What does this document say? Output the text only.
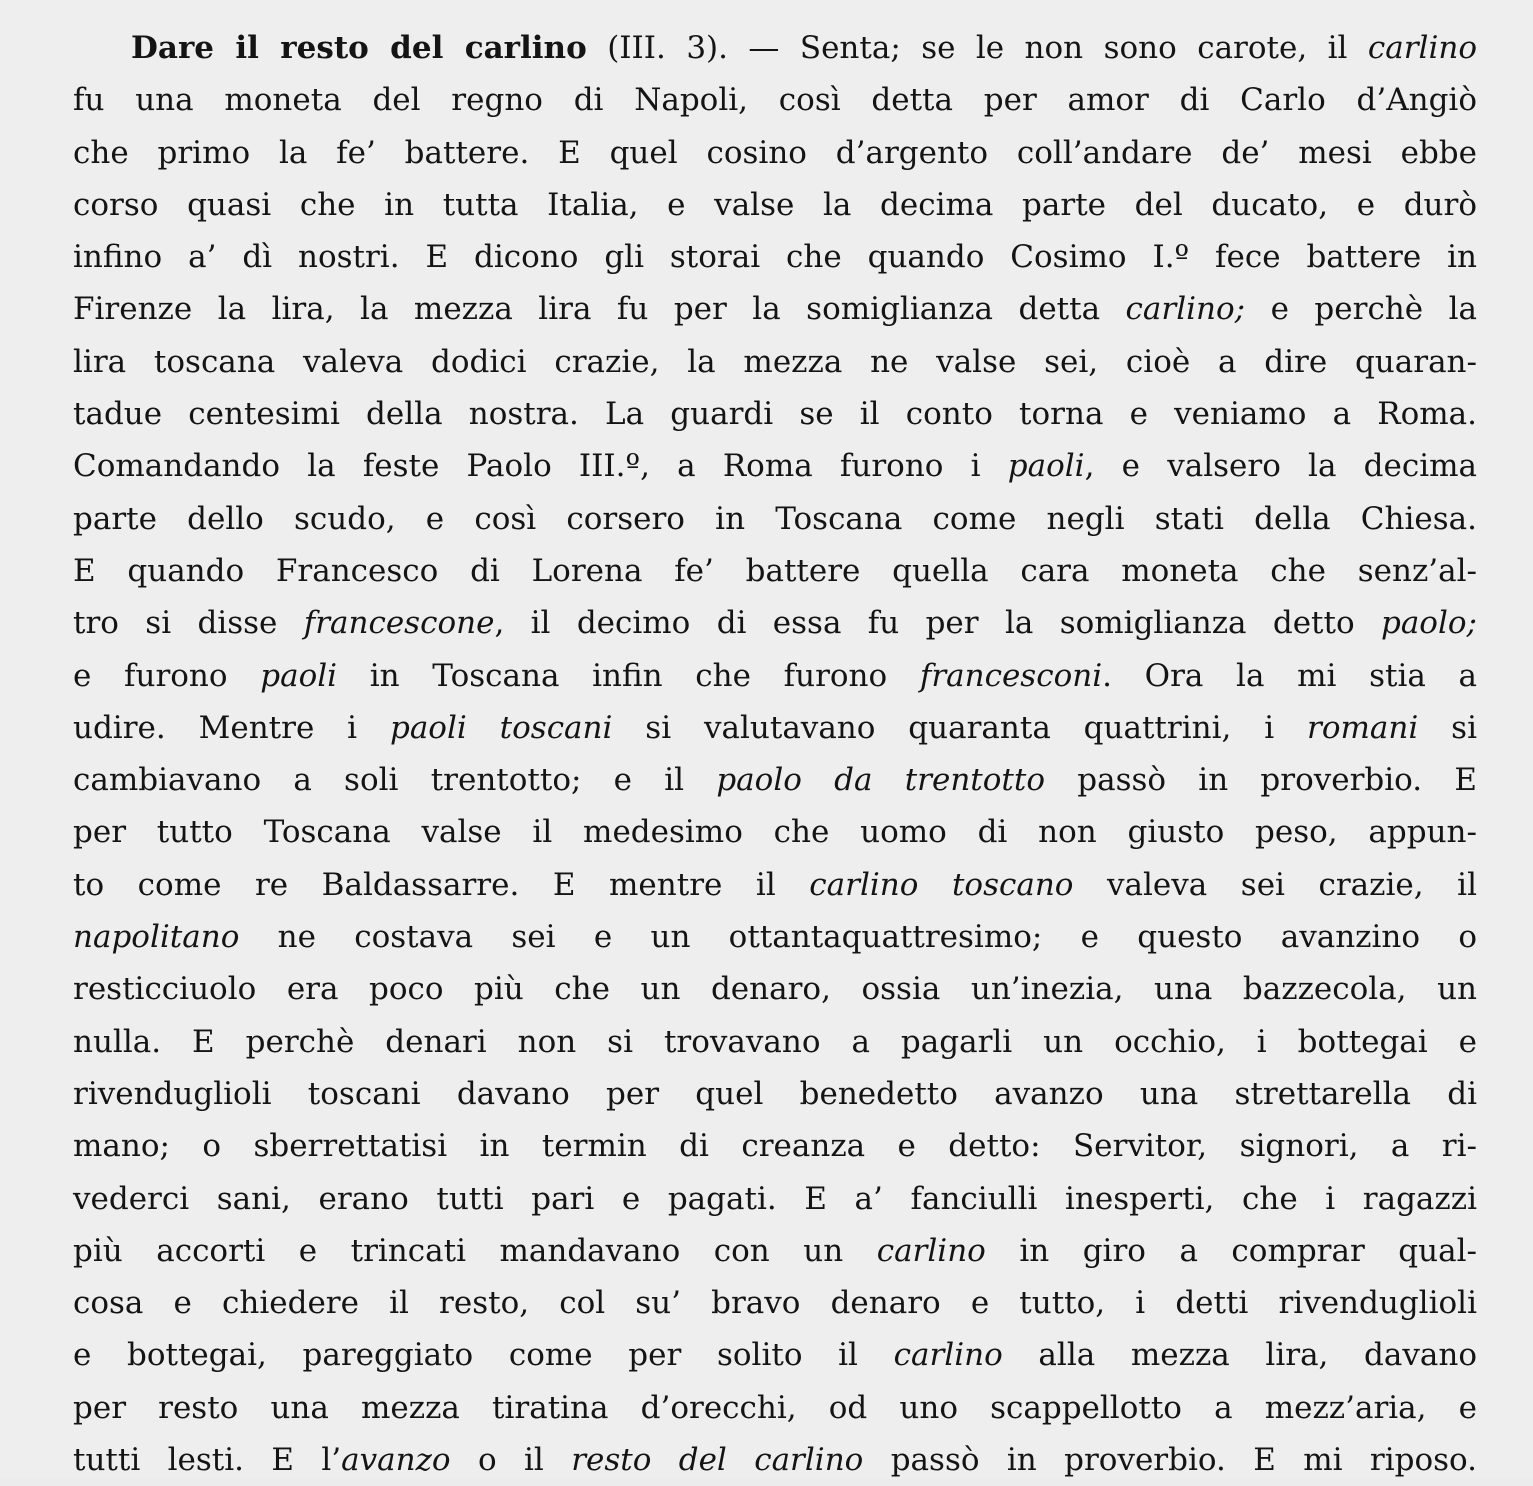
Dare il resto del carlino (III. 3). — Senta; se le non sono carote, il carlino
fu una moneta del regno di Napoli, così detta per amor di Carlo d’Angiò
che primo la fe’ battere. E quel cosino d’argento coll’andare de’ mesi ebbe
corso quasi che in tutta Italia, e valse la decima parte del ducato, e durò
infino a’ dì nostri. E dicono gli storai che quando Cosimo I.º fece battere in
Firenze la lira, la mezza lira fu per la somiglianza detta carlino; e perchè la
lira toscana valeva dodici crazie, la mezza ne valse sei, cioè a dire quaran-
tadue centesimi della nostra. La guardi se il conto torna e veniamo a Roma.
Comandando la feste Paolo III.º, a Roma furono i paoli, e valsero la decima
parte dello scudo, e così corsero in Toscana come negli stati della Chiesa.
E quando Francesco di Lorena fe’ battere quella cara moneta che senz’al-
tro si disse francescone, il decimo di essa fu per la somiglianza detto paolo;
e furono paoli in Toscana infin che furono francesconi. Ora la mi stia a
udire. Mentre i paoli toscani si valutavano quaranta quattrini, i romani si
cambiavano a soli trentotto; e il paolo da trentotto passò in proverbio. E
per tutto Toscana valse il medesimo che uomo di non giusto peso, appun-
to come re Baldassarre. E mentre il carlino toscano valeva sei crazie, il
napolitano ne costava sei e un ottantaquattresimo; e questo avanzino o
resticciuolo era poco più che un denaro, ossia un’inezia, una bazzecola, un
nulla. E perchè denari non si trovavano a pagarli un occhio, i bottegai e
rivenduglioli toscani davano per quel benedetto avanzo una strettarella di
mano; o sberrettatisi in termin di creanza e detto: Servitor, signori, a ri-
vederci sani, erano tutti pari e pagati. E a’ fanciulli inesperti, che i ragazzi
più accorti e trincati mandavano con un carlino in giro a comprar qual-
cosa e chiedere il resto, col su’ bravo denaro e tutto, i detti rivenduglioli
e bottegai, pareggiato come per solito il carlino alla mezza lira, davano
per resto una mezza tiratina d’orecchi, od uno scappellotto a mezz’aria, e
tutti lesti. E l’avanzo o il resto del carlino passò in proverbio. E mi riposo.
